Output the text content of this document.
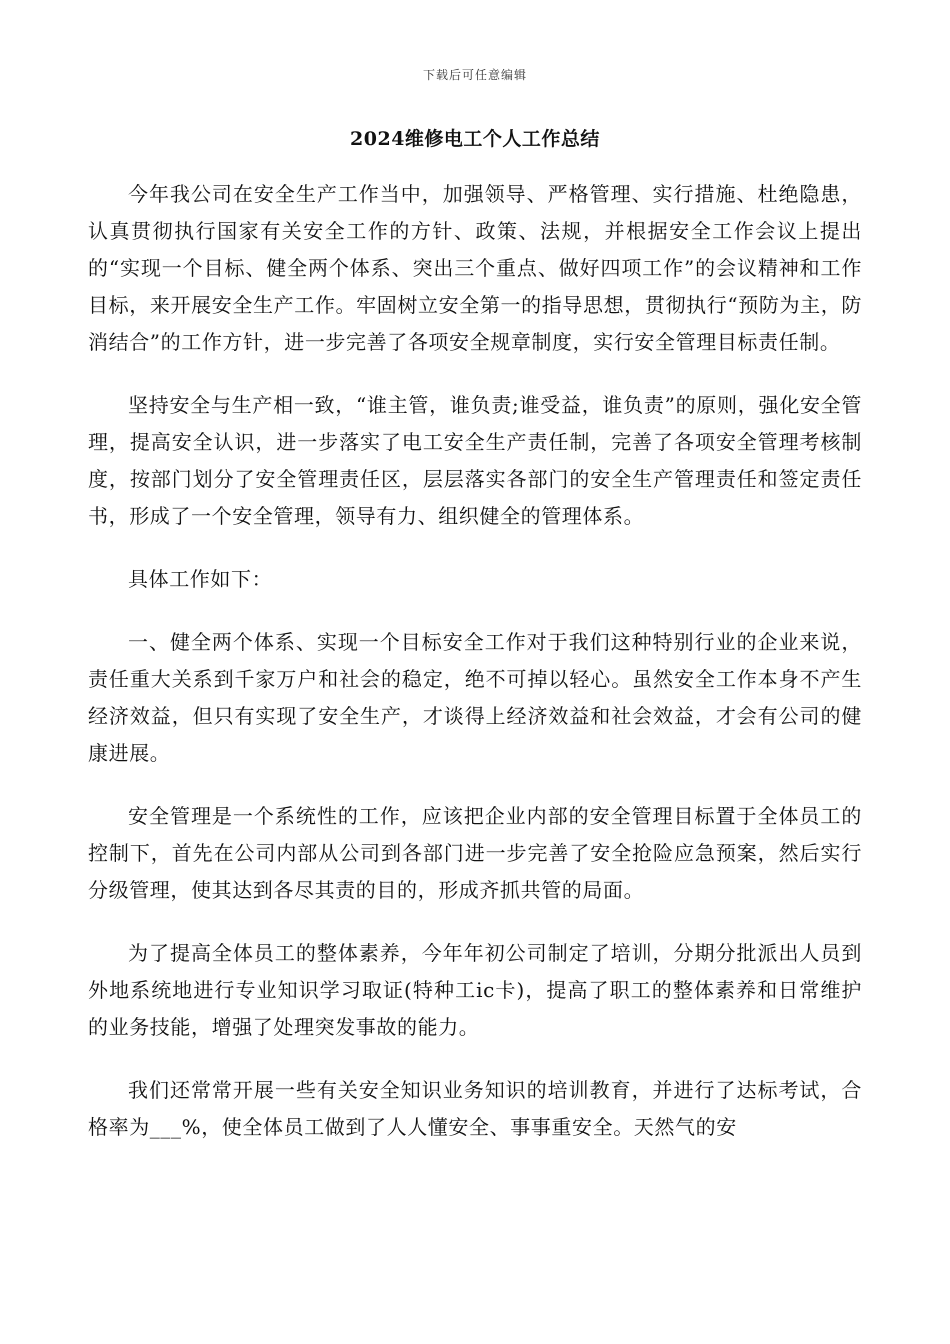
下载后可任意编辑
2024维修电工个人工作总结

今年我公司在安全生产工作当中，加强领导、严格管理、实行措施、杜绝隐患，认真贯彻执行国家有关安全工作的方针、政策、法规，并根据安全工作会议上提出的“实现一个目标、健全两个体系、突出三个重点、做好四项工作”的会议精神和工作目标，来开展安全生产工作。牢固树立安全第一的指导思想，贯彻执行“预防为主，防消结合”的工作方针，进一步完善了各项安全规章制度，实行安全管理目标责任制。

坚持安全与生产相一致，“谁主管，谁负责;谁受益，谁负责”的原则，强化安全管理，提高安全认识，进一步落实了电工安全生产责任制，完善了各项安全管理考核制度，按部门划分了安全管理责任区，层层落实各部门的安全生产管理责任和签定责任书，形成了一个安全管理，领导有力、组织健全的管理体系。

具体工作如下：

一、健全两个体系、实现一个目标安全工作对于我们这种特别行业的企业来说，责任重大关系到千家万户和社会的稳定，绝不可掉以轻心。虽然安全工作本身不产生经济效益，但只有实现了安全生产，才谈得上经济效益和社会效益，才会有公司的健康进展。

安全管理是一个系统性的工作，应该把企业内部的安全管理目标置于全体员工的控制下，首先在公司内部从公司到各部门进一步完善了安全抢险应急预案，然后实行分级管理，使其达到各尽其责的目的，形成齐抓共管的局面。

为了提高全体员工的整体素养，今年年初公司制定了培训，分期分批派出人员到外地系统地进行专业知识学习取证(特种工ic卡)，提高了职工的整体素养和日常维护的业务技能，增强了处理突发事故的能力。

我们还常常开展一些有关安全知识业务知识的培训教育，并进行了达标考试，合格率为___%，使全体员工做到了人人懂安全、事事重安全。天然气的安
